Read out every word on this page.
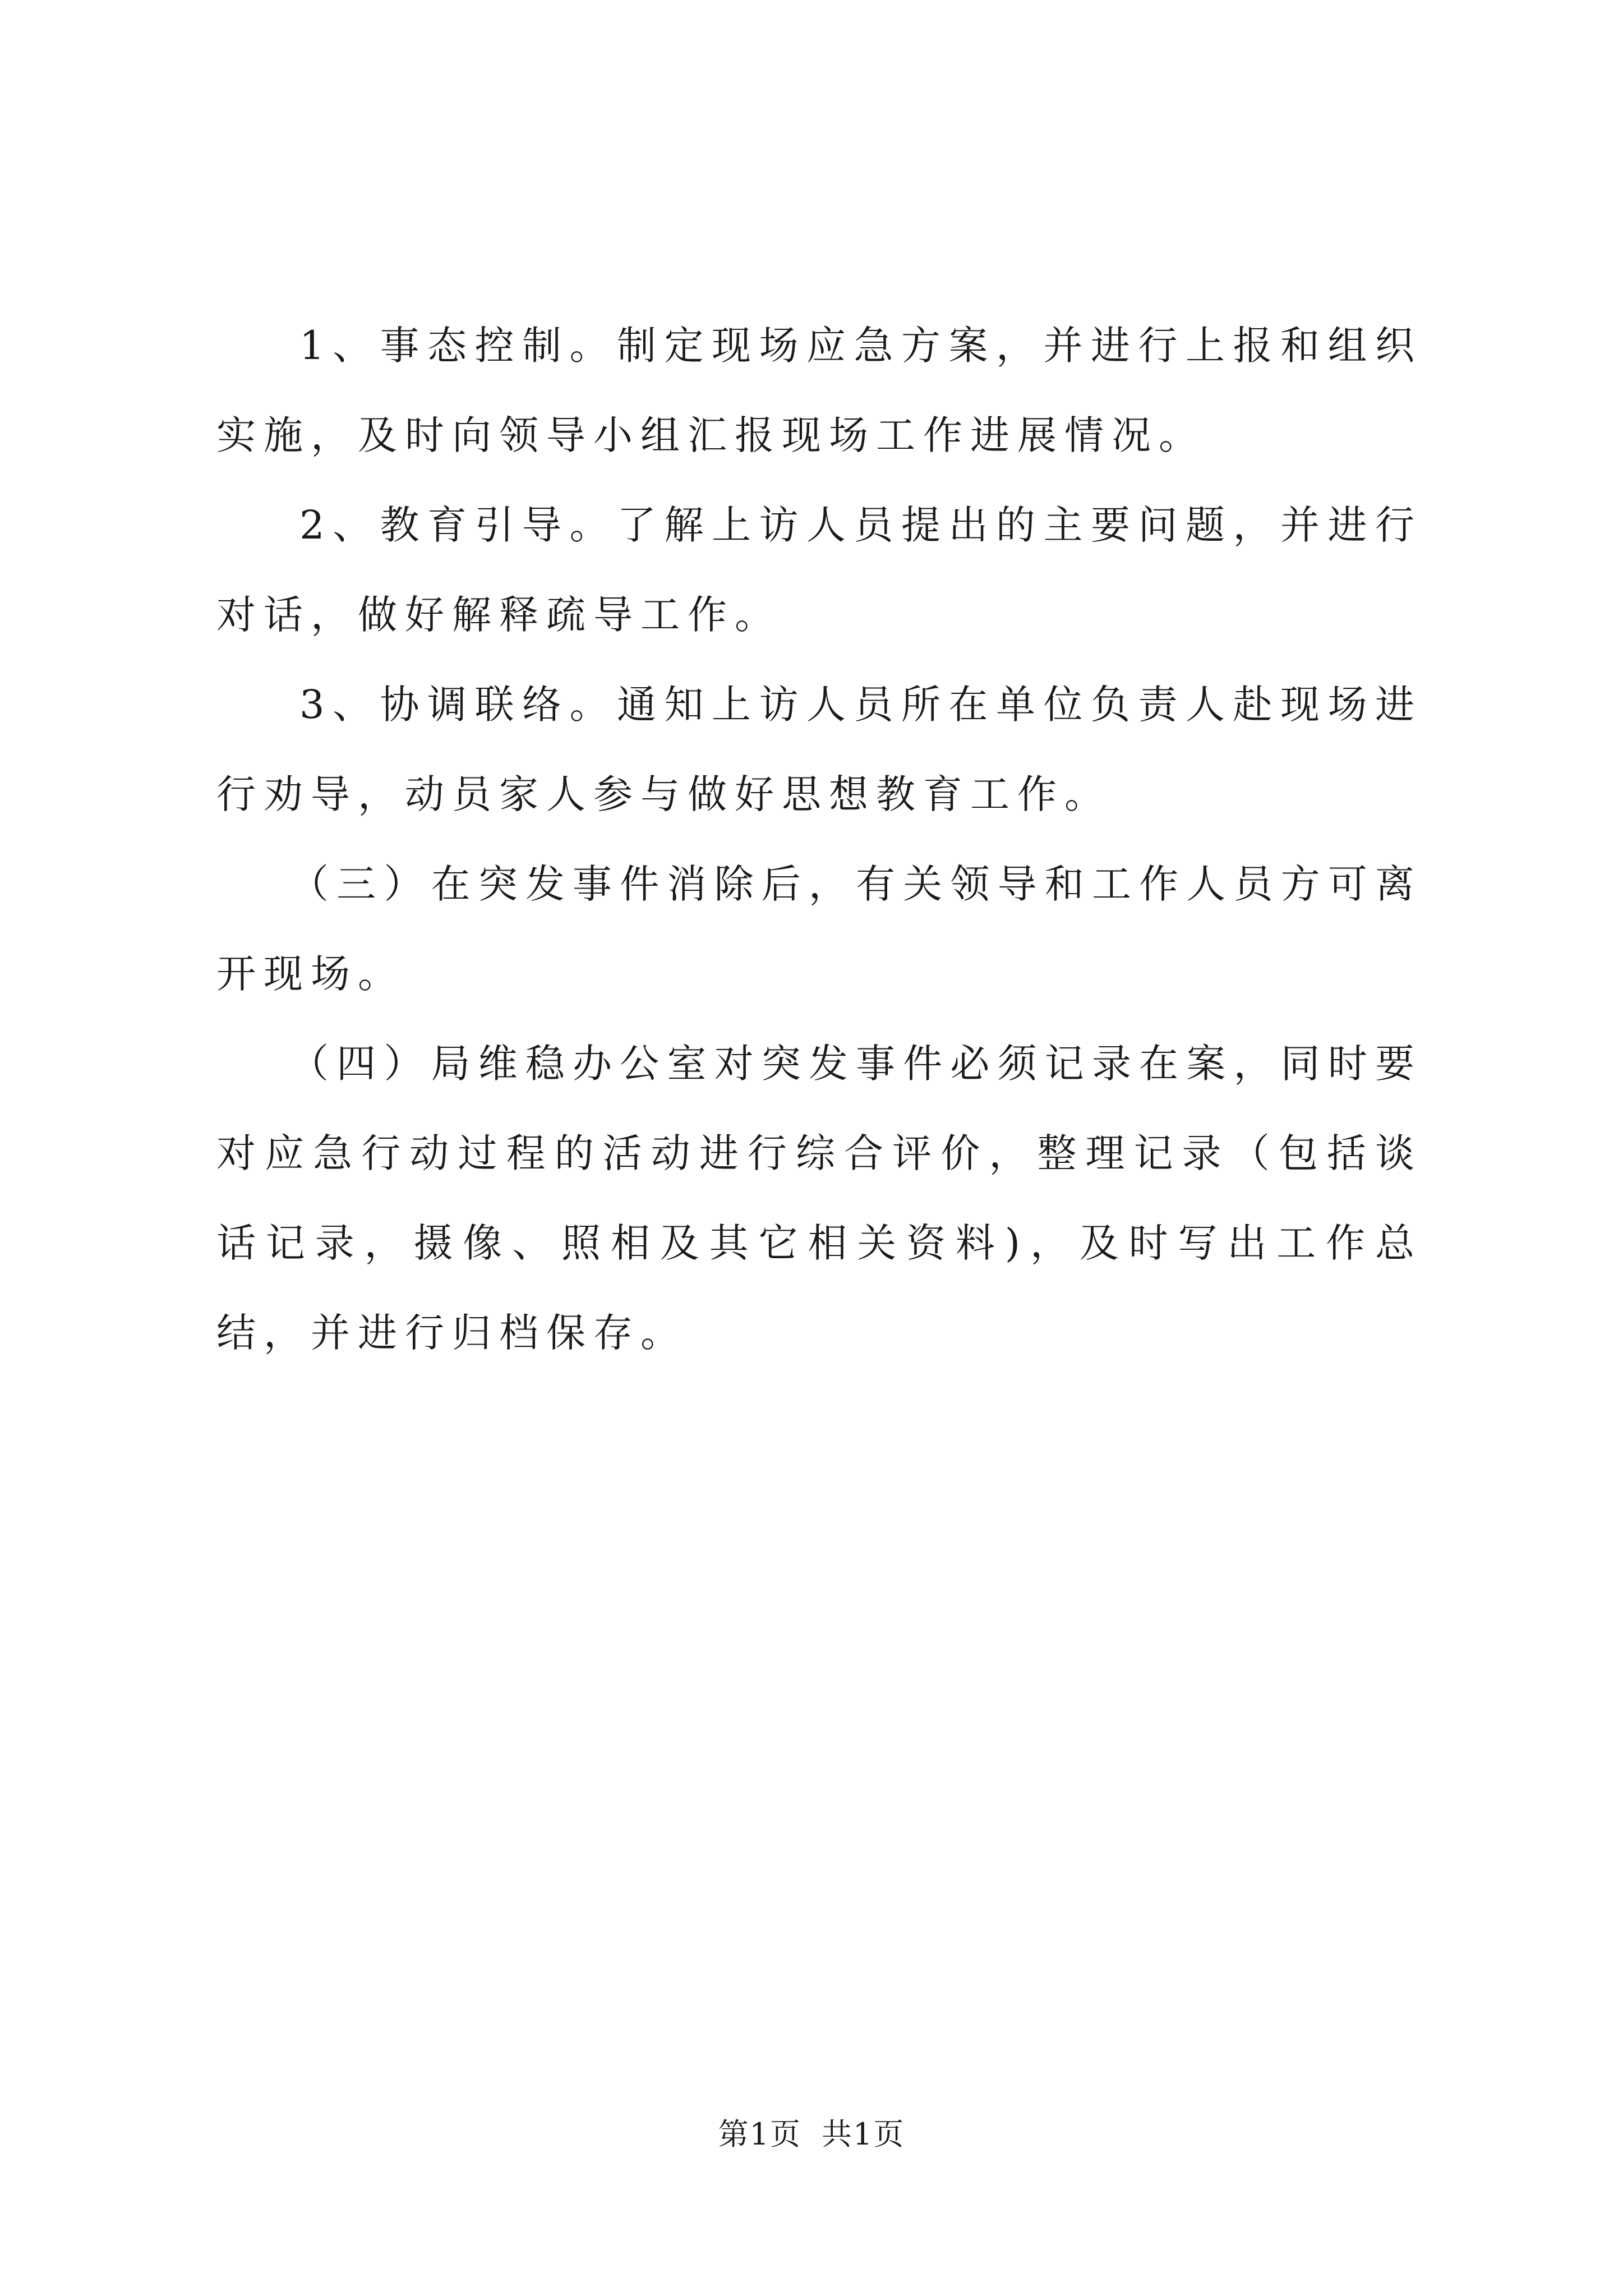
1、事态控制。制定现场应急方案，并进行上报和组织实施，及时向领导小组汇报现场工作进展情况。

2、教育引导。了解上访人员提出的主要问题，并进行对话，做好解释疏导工作。

3、协调联络。通知上访人员所在单位负责人赴现场进行劝导，动员家人参与做好思想教育工作。

（三）在突发事件消除后，有关领导和工作人员方可离开现场。

（四）局维稳办公室对突发事件必须记录在案，同时要对应急行动过程的活动进行综合评价，整理记录（包括谈话记录，摄像、照相及其它相关资料)，及时写出工作总结，并进行归档保存。

第1页 共1页
